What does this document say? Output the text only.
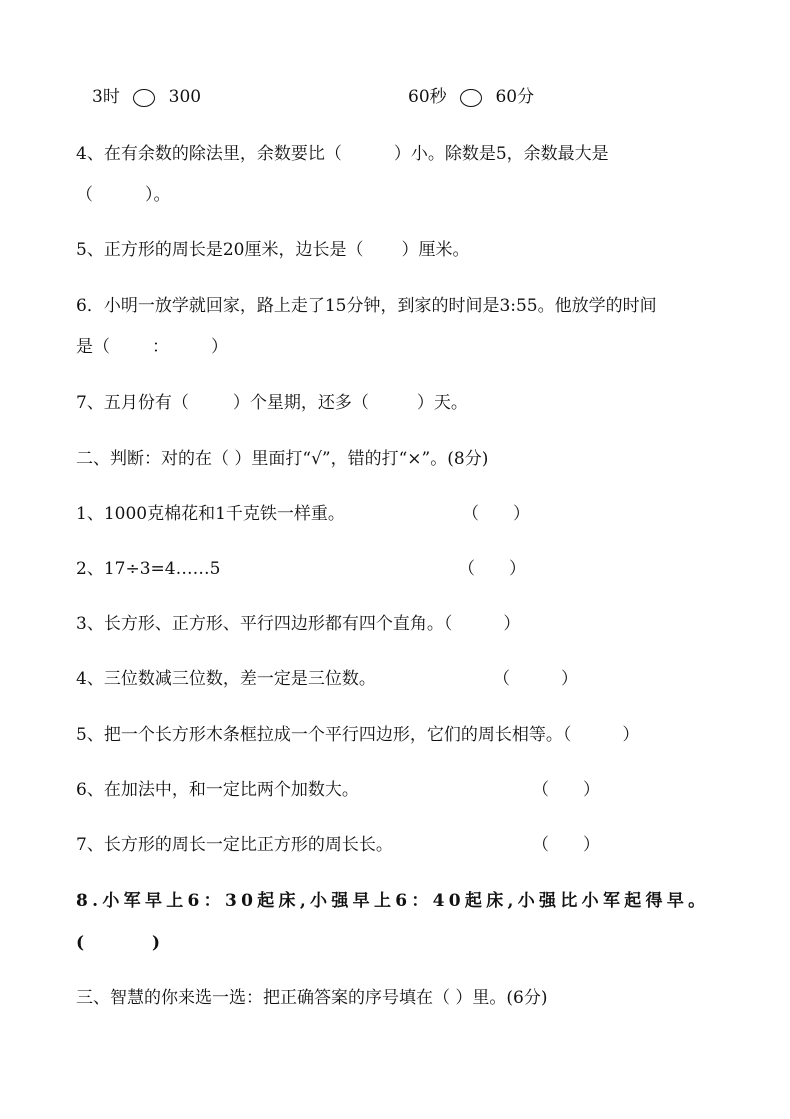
3时	300	60秒	60分
4、在有余数的除法里，余数要比（	）小。除数是5，余数最大是
（	）。
5、正方形的周长是20厘米，边长是（ ）厘米。
6．小明一放学就回家，路上走了15分钟，到家的时间是3:55。他放学的时间
是（ ： ）
7、五月份有（	）个星期，还多（	）天。
二、判断：对的在（ ）里面打“√”，错的打“×”。(8分)
1、1000克棉花和1千克铁一样重。	（　　）
2、17÷3=4……5	（　　）
3、长方形、正方形、平行四边形都有四个直角。（　　　）
4、三位数减三位数，差一定是三位数。	（　　　）
5、把一个长方形木条框拉成一个平行四边形，它们的周长相等。（　　　）
6、在加法中，和一定比两个加数大。	（　　）
7、长方形的周长一定比正方形的周长长。	（　　）
8.小军早上6：30起床,小强早上6：40起床,小强比小军起得早。
(　　　　)
三、智慧的你来选一选：把正确答案的序号填在（ ）里。(6分)
